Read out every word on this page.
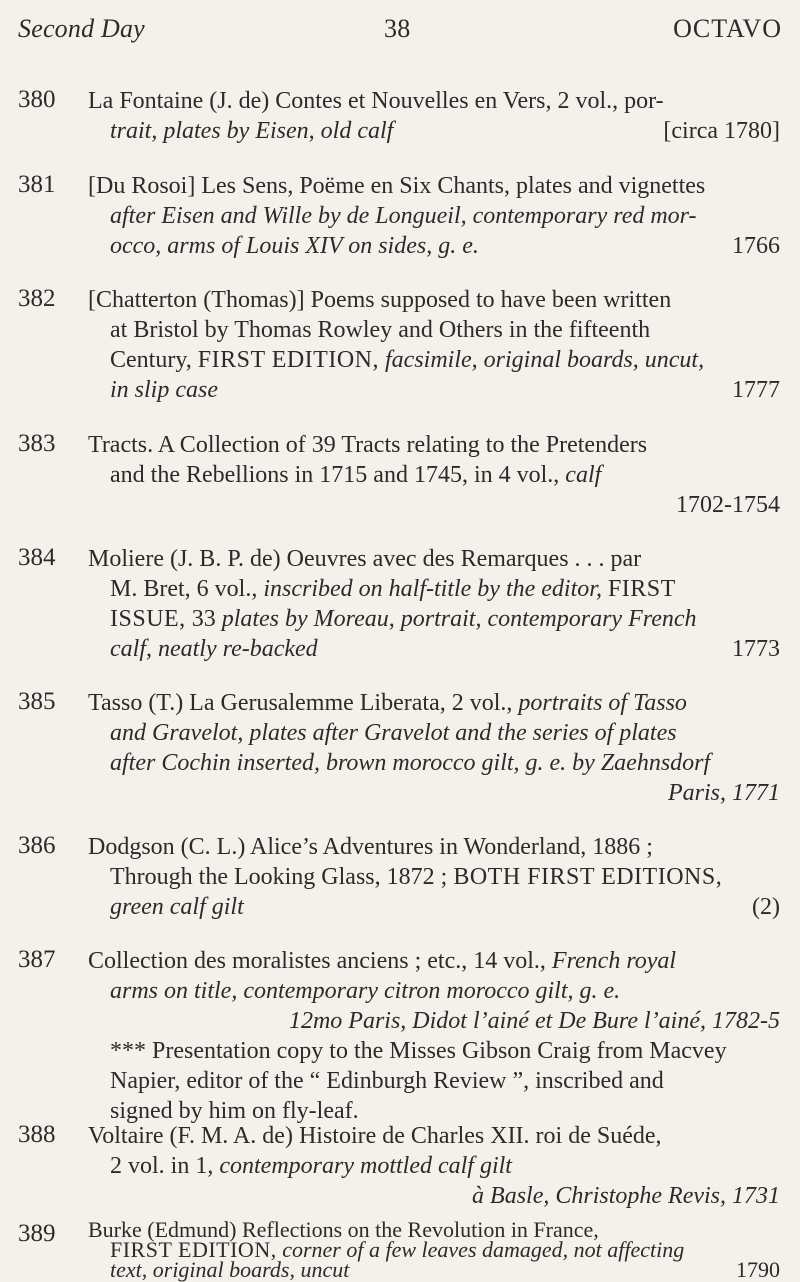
Second Day	38	OCTAVO
380	La Fontaine (J. de) Contes et Nouvelles en Vers, 2 vol., por-
trait, plates by Eisen, old calf	[circa 1780]
381	[Du Rosoi] Les Sens, Poëme en Six Chants, plates and vignettes
after Eisen and Wille by de Longueil, contemporary red mor-
occo, arms of Louis XIV on sides, g. e.	1766
382	[Chatterton (Thomas)] Poems supposed to have been written
at Bristol by Thomas Rowley and Others in the fifteenth
Century, FIRST EDITION, facsimile, original boards, uncut,
in slip case	1777
383	Tracts. A Collection of 39 Tracts relating to the Pretenders
and the Rebellions in 1715 and 1745, in 4 vol., calf
1702-1754
384	Moliere (J. B. P. de) Oeuvres avec des Remarques . . . par
M. Bret, 6 vol., inscribed on half-title by the editor, FIRST
ISSUE, 33 plates by Moreau, portrait, contemporary French
calf, neatly re-backed	1773
385	Tasso (T.) La Gerusalemme Liberata, 2 vol., portraits of Tasso
and Gravelot, plates after Gravelot and the series of plates
after Cochin inserted, brown morocco gilt, g. e. by Zaehnsdorf
Paris, 1771
386	Dodgson (C. L.) Alice’s Adventures in Wonderland, 1886 ;
Through the Looking Glass, 1872 ; BOTH FIRST EDITIONS,
green calf gilt	(2)
387	Collection des moralistes anciens ; etc., 14 vol., French royal
arms on title, contemporary citron morocco gilt, g. e.
12mo Paris, Didot l’ainé et De Bure l’ainé, 1782-5
*** Presentation copy to the Misses Gibson Craig from Macvey
Napier, editor of the “ Edinburgh Review ”, inscribed and
signed by him on fly-leaf.
388	Voltaire (F. M. A. de) Histoire de Charles XII. roi de Suéde,
2 vol. in 1, contemporary mottled calf gilt
à Basle, Christophe Revis, 1731
389	Burke (Edmund) Reflections on the Revolution in France,
FIRST EDITION, corner of a few leaves damaged, not affecting
text, original boards, uncut	1790
